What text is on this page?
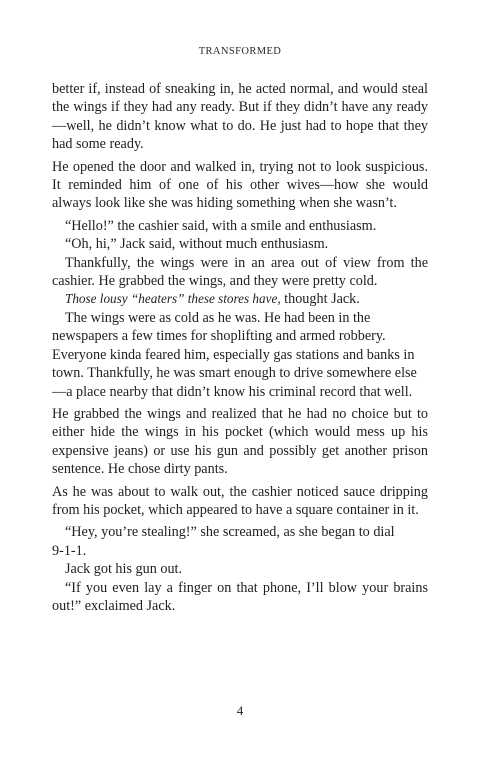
TRANSFORMED

better if, instead of sneaking in, he acted normal, and would steal the wings if they had any ready. But if they didn’t have any ready—well, he didn’t know what to do. He just had to hope that they had some ready.

He opened the door and walked in, trying not to look suspicious. It reminded him of one of his other wives—how she would always look like she was hiding something when she wasn’t.

“Hello!” the cashier said, with a smile and enthusiasm.

“Oh, hi,” Jack said, without much enthusiasm.

Thankfully, the wings were in an area out of view from the cashier. He grabbed the wings, and they were pretty cold.

Those lousy “heaters” these stores have, thought Jack.

The wings were as cold as he was. He had been in the newspapers a few times for shoplifting and armed robbery. Everyone kinda feared him, especially gas stations and banks in town. Thankfully, he was smart enough to drive somewhere else—a place nearby that didn’t know his criminal record that well.

He grabbed the wings and realized that he had no choice but to either hide the wings in his pocket (which would mess up his expensive jeans) or use his gun and possibly get another prison sentence. He chose dirty pants.

As he was about to walk out, the cashier noticed sauce dripping from his pocket, which appeared to have a square container in it.

“Hey, you’re stealing!” she screamed, as she began to dial

9-1-1.

Jack got his gun out.

“If you even lay a finger on that phone, I’ll blow your brains out!” exclaimed Jack.

4
